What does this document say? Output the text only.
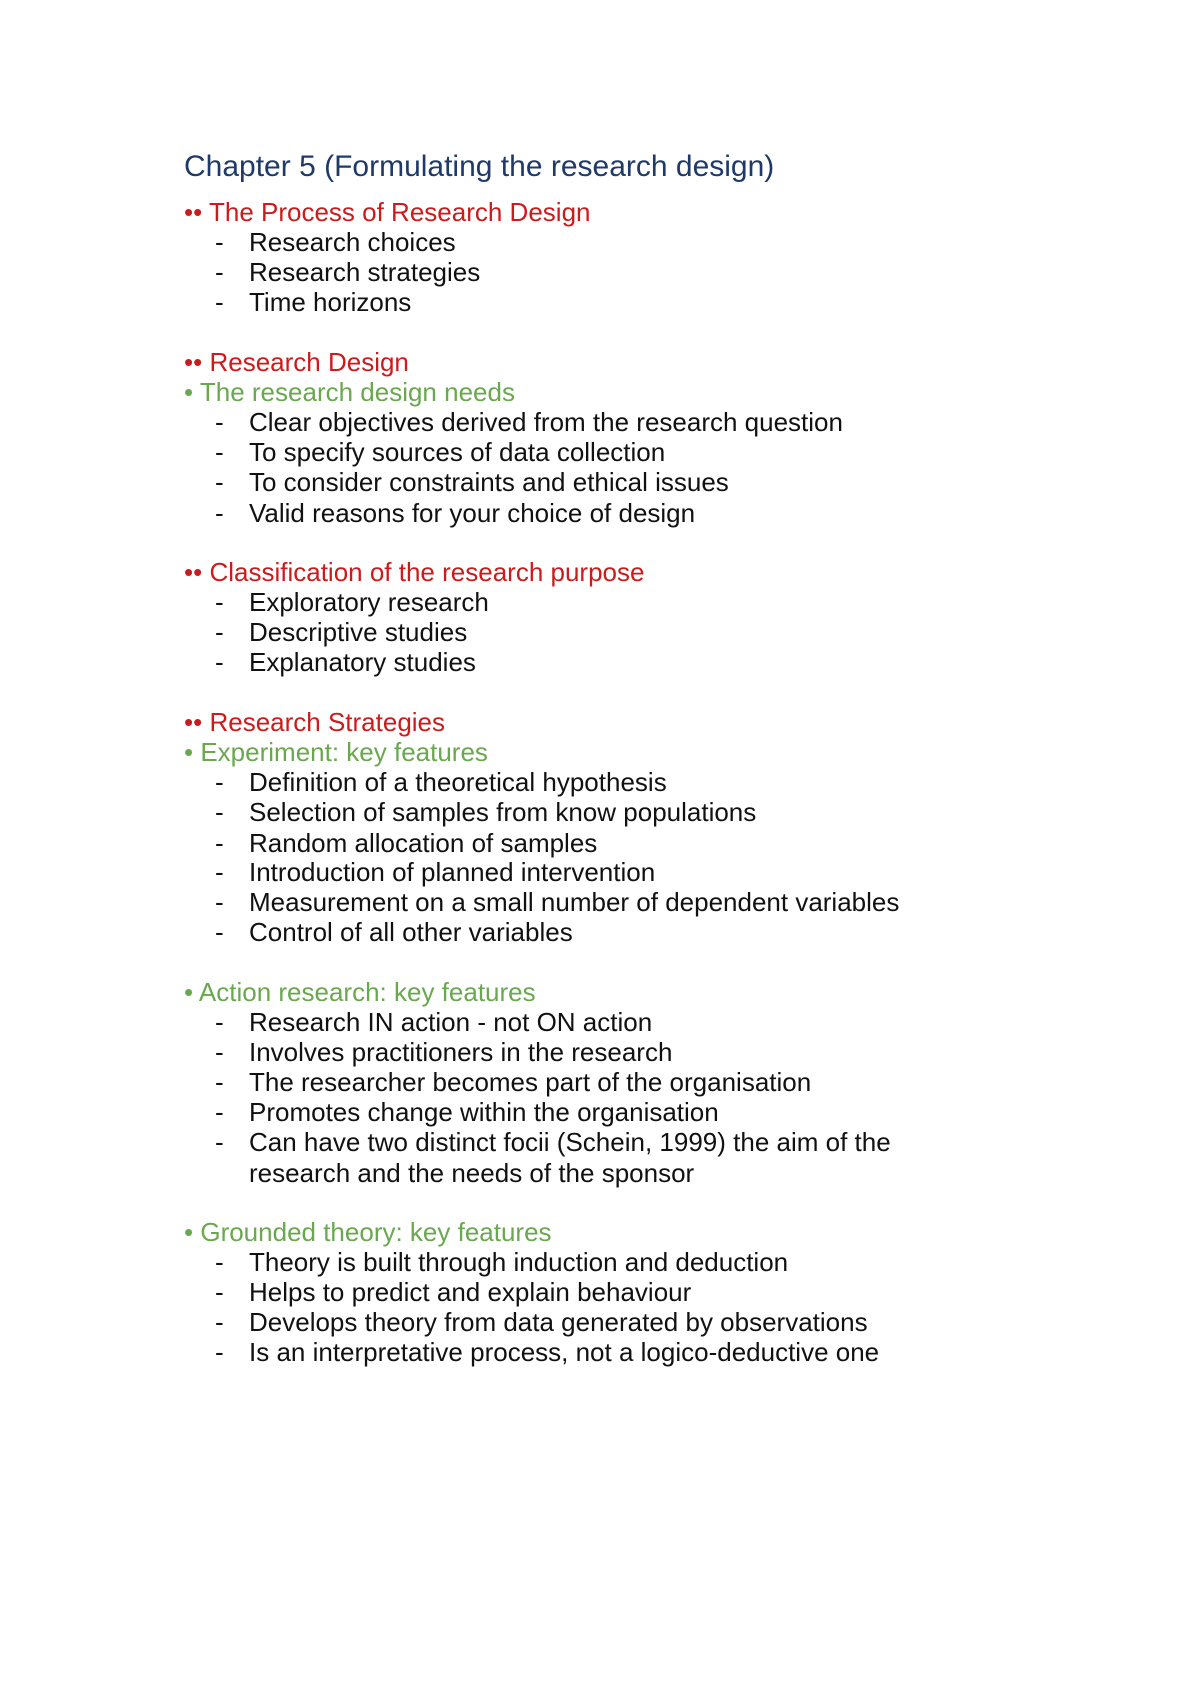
Chapter 5 (Formulating the research design)
•• The Process of Research Design
- Research choices
- Research strategies
- Time horizons
•• Research Design
• The research design needs
- Clear objectives derived from the research question
- To specify sources of data collection
- To consider constraints and ethical issues
- Valid reasons for your choice of design
•• Classification of the research purpose
- Exploratory research
- Descriptive studies
- Explanatory studies
•• Research Strategies
• Experiment: key features
- Definition of a theoretical hypothesis
- Selection of samples from know populations
- Random allocation of samples
- Introduction of planned intervention
- Measurement on a small number of dependent variables
- Control of all other variables
• Action research: key features
- Research IN action - not ON action
- Involves practitioners in the research
- The researcher becomes part of the organisation
- Promotes change within the organisation
- Can have two distinct focii (Schein, 1999) the aim of the
research and the needs of the sponsor
• Grounded theory: key features
- Theory is built through induction and deduction
- Helps to predict and explain behaviour
- Develops theory from data generated by observations
- Is an interpretative process, not a logico-deductive one
